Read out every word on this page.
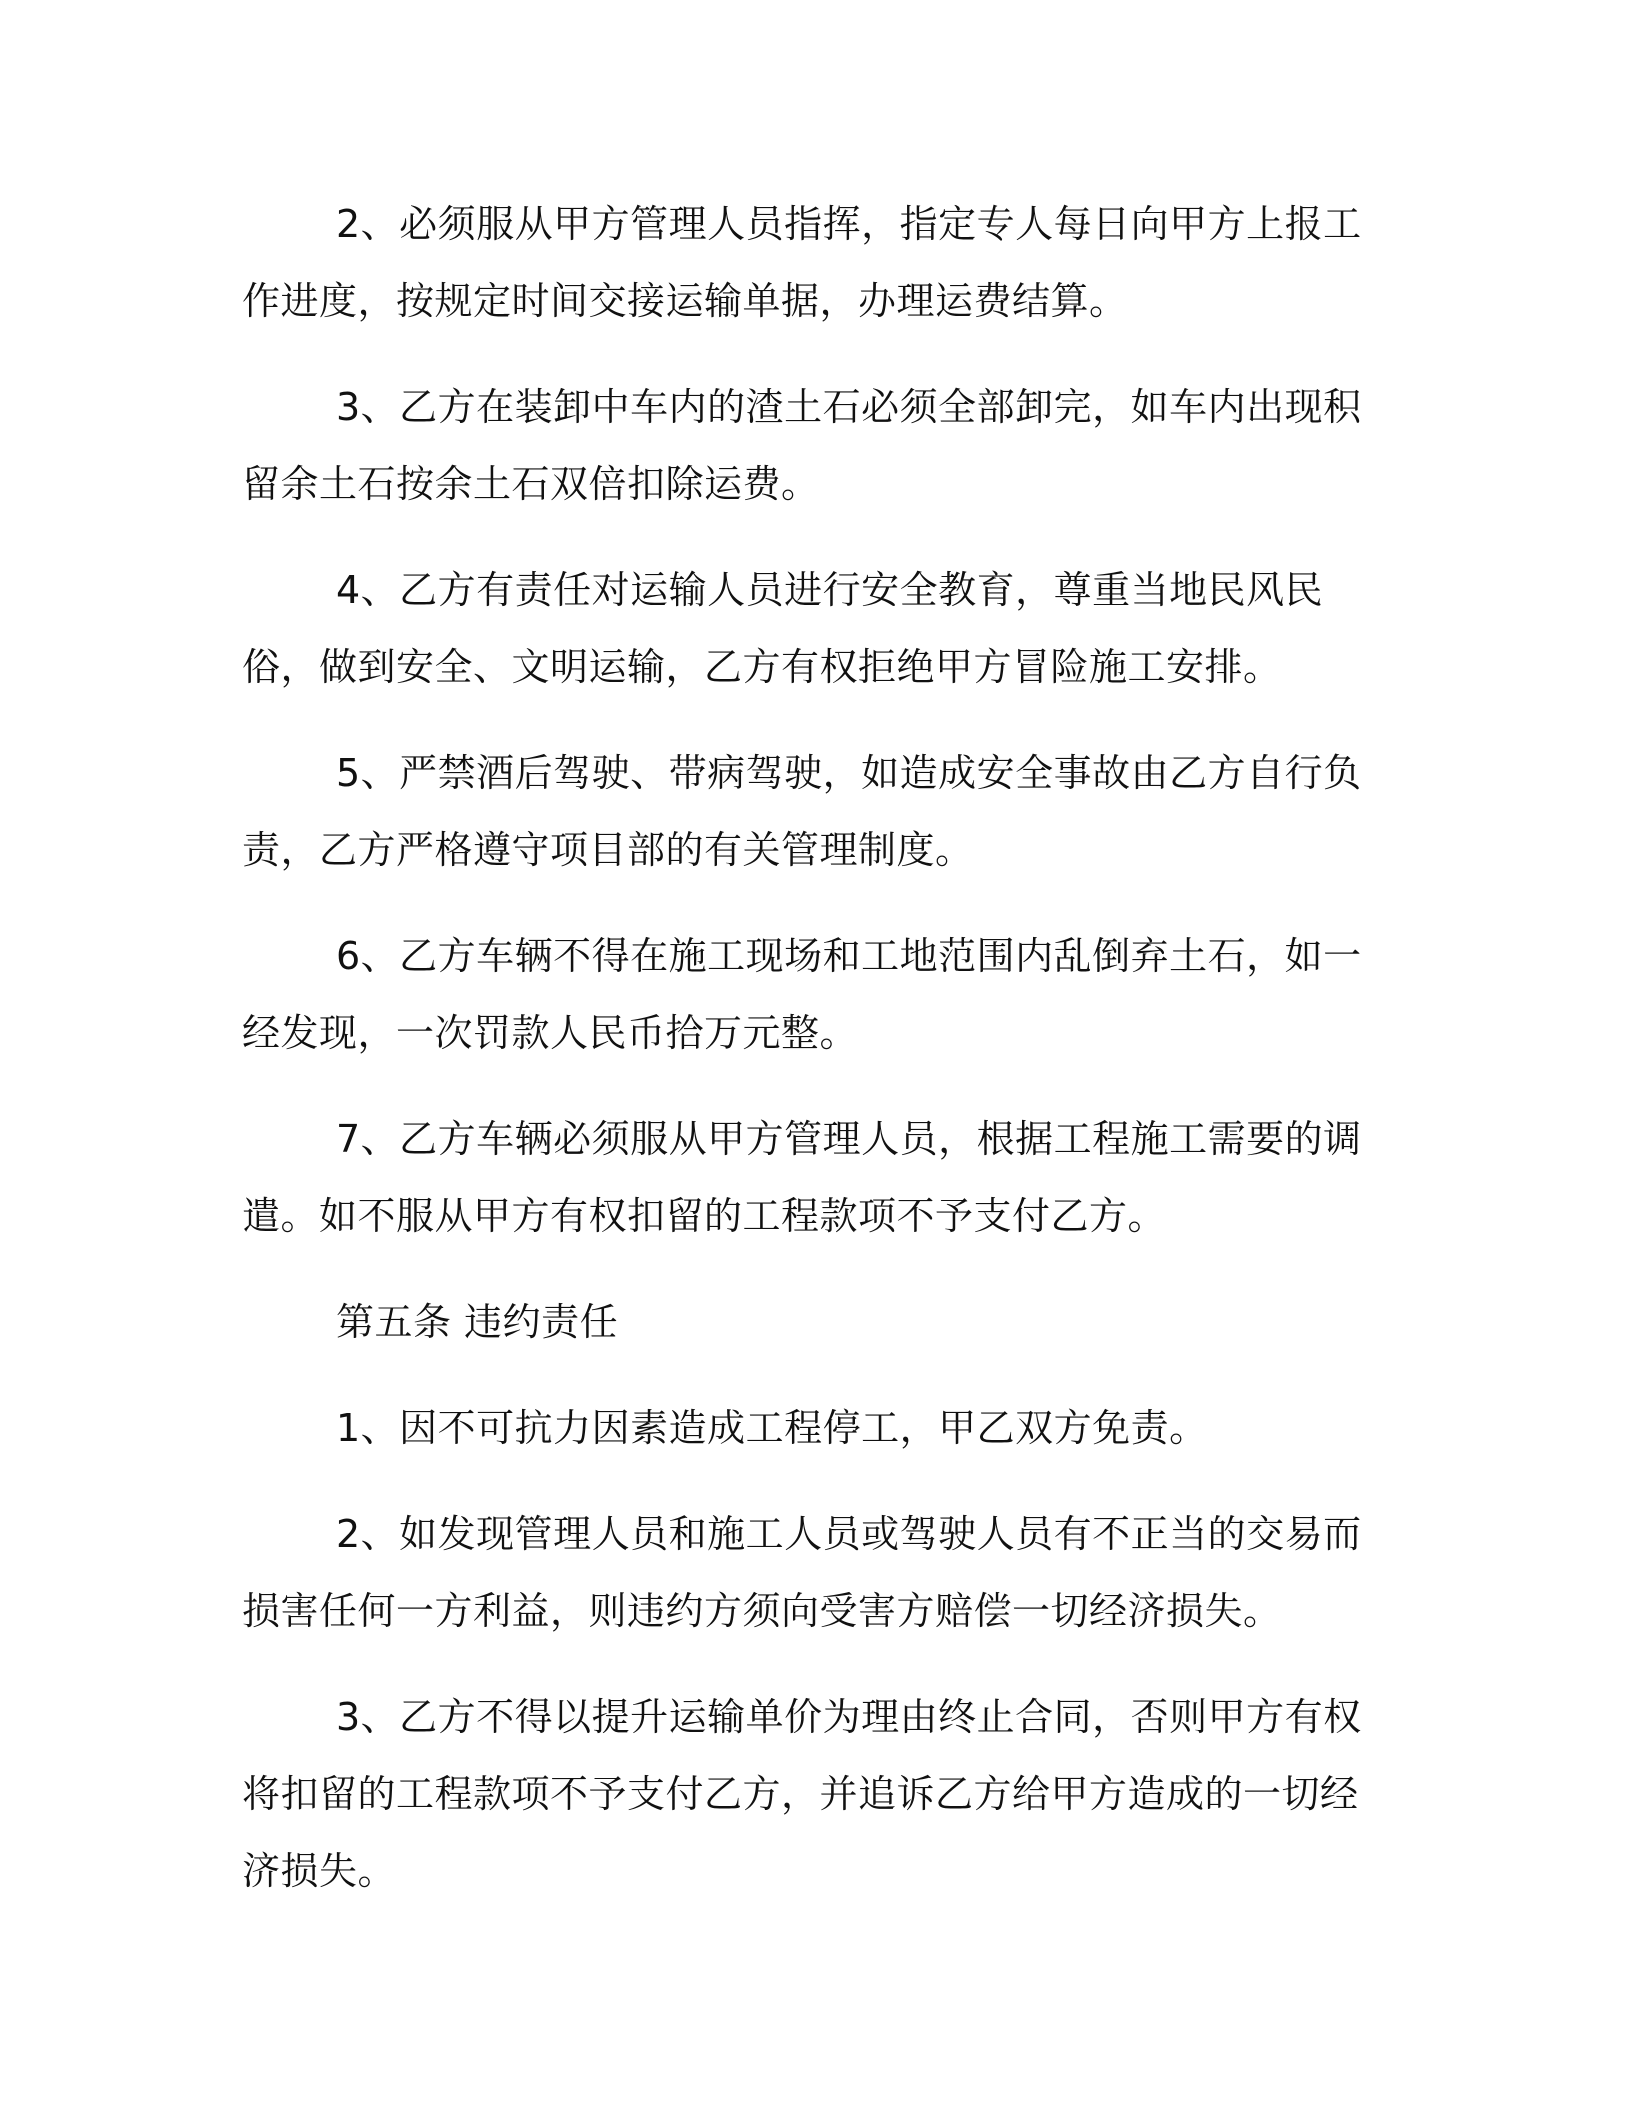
2、必须服从甲方管理人员指挥，指定专人每日向甲方上报工作进度，按规定时间交接运输单据，办理运费结算。

3、乙方在装卸中车内的渣土石必须全部卸完，如车内出现积留余土石按余土石双倍扣除运费。

4、乙方有责任对运输人员进行安全教育，尊重当地民风民俗，做到安全、文明运输，乙方有权拒绝甲方冒险施工安排。

5、严禁酒后驾驶、带病驾驶，如造成安全事故由乙方自行负责，乙方严格遵守项目部的有关管理制度。

6、乙方车辆不得在施工现场和工地范围内乱倒弃土石，如一经发现，一次罚款人民币拾万元整。

7、乙方车辆必须服从甲方管理人员，根据工程施工需要的调遣。如不服从甲方有权扣留的工程款项不予支付乙方。

第五条 违约责任

1、因不可抗力因素造成工程停工，甲乙双方免责。

2、如发现管理人员和施工人员或驾驶人员有不正当的交易而损害任何一方利益，则违约方须向受害方赔偿一切经济损失。

3、乙方不得以提升运输单价为理由终止合同，否则甲方有权将扣留的工程款项不予支付乙方，并追诉乙方给甲方造成的一切经济损失。
